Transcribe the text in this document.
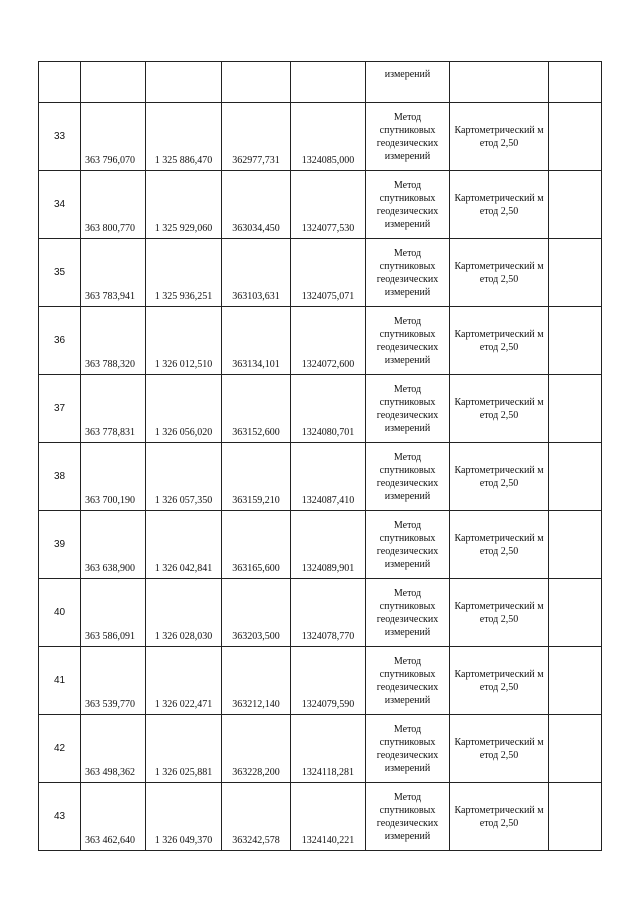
					измерений		
33	363 796,070	1 325 886,470	362977,731	1324085,000	Метод спутниковых геодезических измерений	Картометрический метод 2,50	

34	363 800,770	1 325 929,060	363034,450	1324077,530	Метод спутниковых геодезических измерений	Картометрический метод 2,50	

35	363 783,941	1 325 936,251	363103,631	1324075,071	Метод спутниковых геодезических измерений	Картометрический метод 2,50	

36	363 788,320	1 326 012,510	363134,101	1324072,600	Метод спутниковых геодезических измерений	Картометрический метод 2,50	

37	363 778,831	1 326 056,020	363152,600	1324080,701	Метод спутниковых геодезических измерений	Картометрический метод 2,50	

38	363 700,190	1 326 057,350	363159,210	1324087,410	Метод спутниковых геодезических измерений	Картометрический метод 2,50	

39	363 638,900	1 326 042,841	363165,600	1324089,901	Метод спутниковых геодезических измерений	Картометрический метод 2,50	

40	363 586,091	1 326 028,030	363203,500	1324078,770	Метод спутниковых геодезических измерений	Картометрический метод 2,50	

41	363 539,770	1 326 022,471	363212,140	1324079,590	Метод спутниковых геодезических измерений	Картометрический метод 2,50	

42	363 498,362	1 326 025,881	363228,200	1324118,281	Метод спутниковых геодезических измерений	Картометрический метод 2,50	

43	363 462,640	1 326 049,370	363242,578	1324140,221	Метод спутниковых геодезических измерений	Картометрический метод 2,50	
